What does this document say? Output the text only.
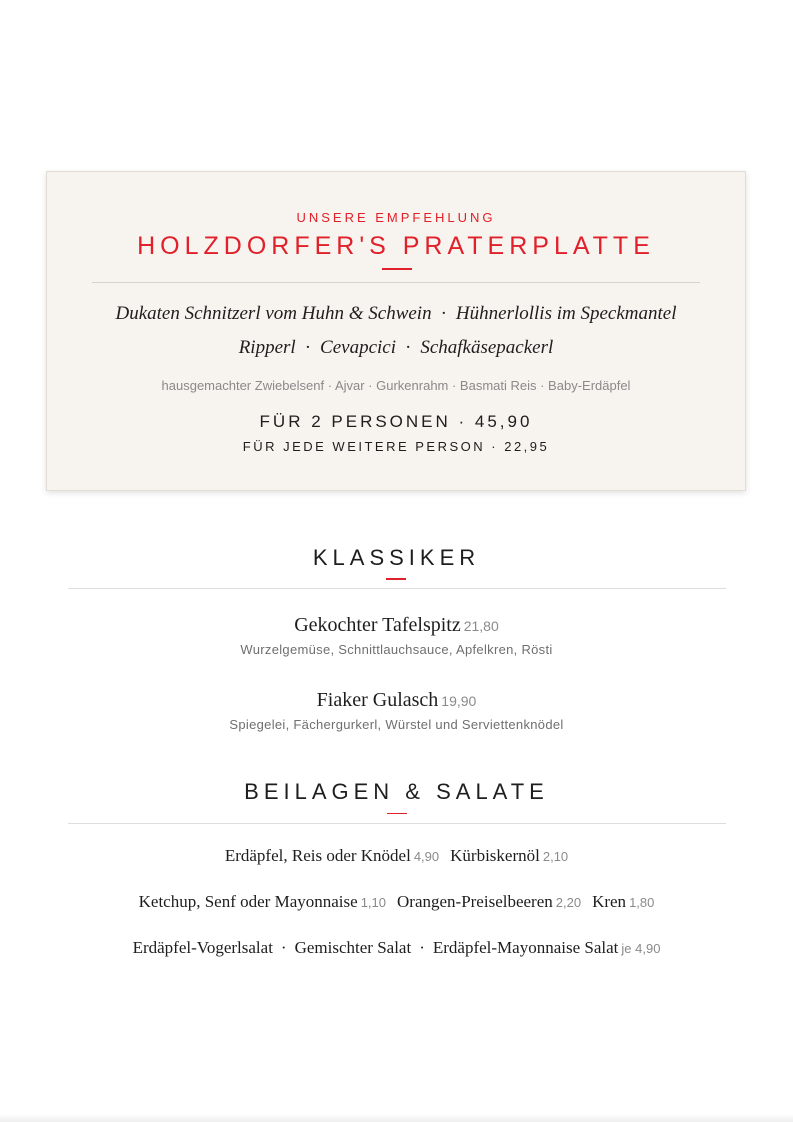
UNSERE EMPFEHLUNG
HOLZDORFER'S PRATERPLATTE
Dukaten Schnitzerl vom Huhn & Schwein · Hühnerlollis im Speckmantel
Ripperl · Cevapcici · Schafkäsepackerl
hausgemachter Zwiebelsenf · Ajvar · Gurkenrahm · Basmati Reis · Baby-Erdäpfel
FÜR 2 PERSONEN · 45,90
FÜR JEDE WEITERE PERSON · 22,95
KLASSIKER
Gekochter Tafelspitz 21,80
Wurzelgemüse, Schnittlauchsauce, Apfelkren, Rösti
Fiaker Gulasch 19,90
Spiegelei, Fächergurkerl, Würstel und Serviettenknödel
BEILAGEN & SALATE
Erdäpfel, Reis oder Knödel 4,90 Kürbiskernöl 2,10
Ketchup, Senf oder Mayonnaise 1,10 Orangen-Preiselbeeren 2,20 Kren 1,80
Erdäpfel-Vogerlsalat · Gemischter Salat · Erdäpfel-Mayonnaise Salat je 4,90
